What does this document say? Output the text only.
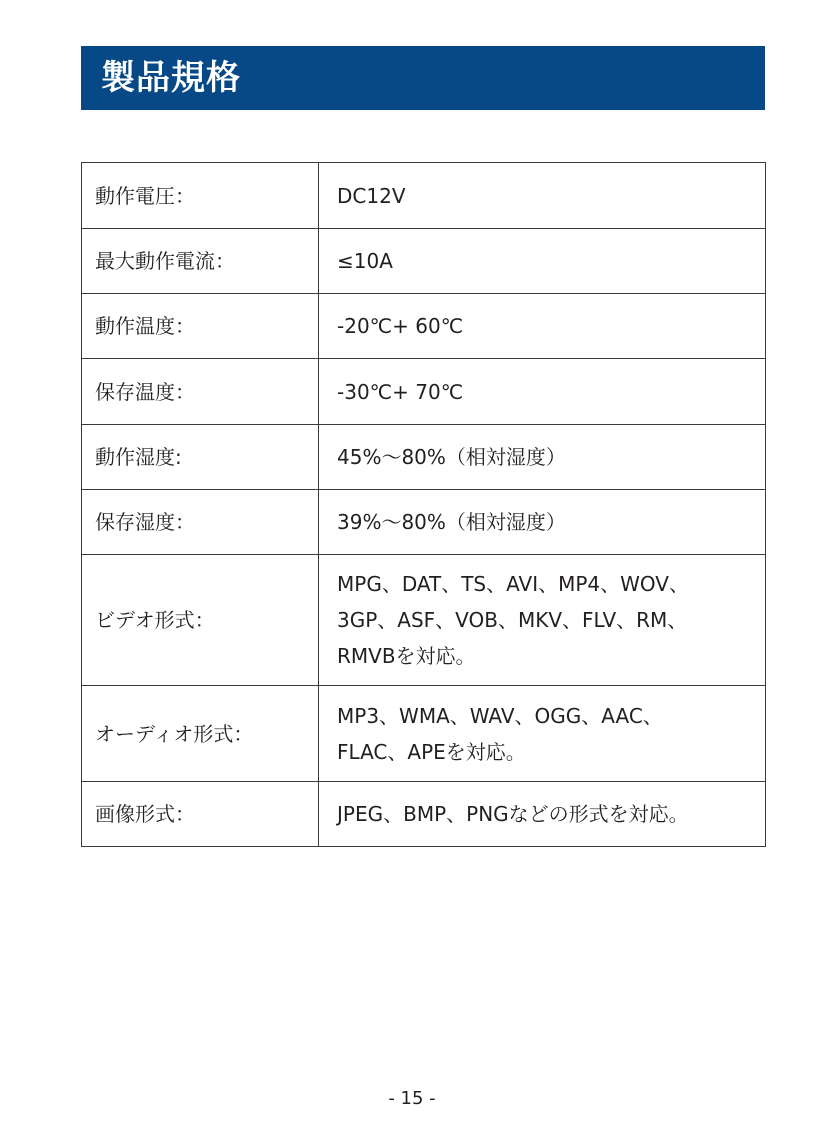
製品規格
動作電圧：	DC12V

最大動作電流：	≤10A

動作温度：	-20℃+ 60℃

保存温度：	-30℃+ 70℃

動作湿度:	45%〜80%（相対湿度）

保存湿度：	39%〜80%（相対湿度）

ビデオ形式：	MPG、DAT、TS、AVI、MP4、WOV、
3GP、ASF、VOB、MKV、FLV、RM、
RMVBを対応。

オーディオ形式：	MP3、WMA、WAV、OGG、AAC、
FLAC、APEを対応。

画像形式：	JPEG、BMP、PNGなどの形式を対応。
- 15 -
